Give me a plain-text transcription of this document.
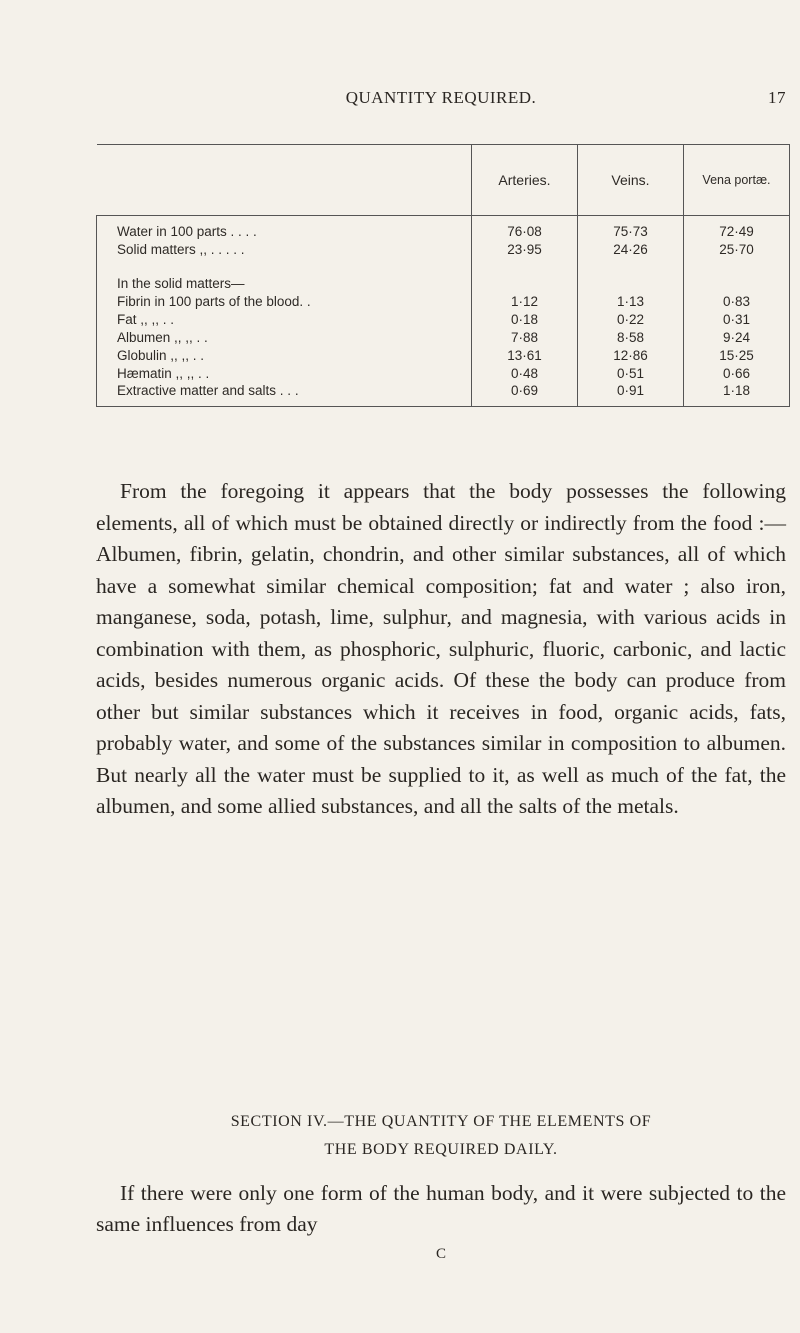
QUANTITY REQUIRED.	17
	Arteries.	Veins.	Vena portæ.
Water in 100 parts . . . .	76·08	75·73	72·49
Solid matters ,, . . . . .	23·95	24·26	25·70

In the solid matters—			
Fibrin in 100 parts of the blood. .	1·12	1·13	0·83
Fat ,, ,, . .	0·18	0·22	0·31
Albumen ,, ,, . .	7·88	8·58	9·24
Globulin ,, ,, . .	13·61	12·86	15·25
Hæmatin ,, ,, . .	0·48	0·51	0·66
Extractive matter and salts . . .	0·69	0·91	1·18

From the foregoing it appears that the body possesses the following elements, all of which must be obtained directly or indirectly from the food :—Albumen, fibrin, gelatin, chondrin, and other similar substances, all of which have a somewhat similar chemical composition; fat and water ; also iron, manganese, soda, potash, lime, sulphur, and magnesia, with various acids in combination with them, as phosphoric, sulphuric, fluoric, carbonic, and lactic acids, besides numerous organic acids. Of these the body can produce from other but similar substances which it receives in food, organic acids, fats, probably water, and some of the substances similar in composition to albumen. But nearly all the water must be supplied to it, as well as much of the fat, the albumen, and some allied substances, and all the salts of the metals.

SECTION IV.—THE QUANTITY OF THE ELEMENTS OF
THE BODY REQUIRED DAILY.

If there were only one form of the human body, and it were subjected to the same influences from day

C
